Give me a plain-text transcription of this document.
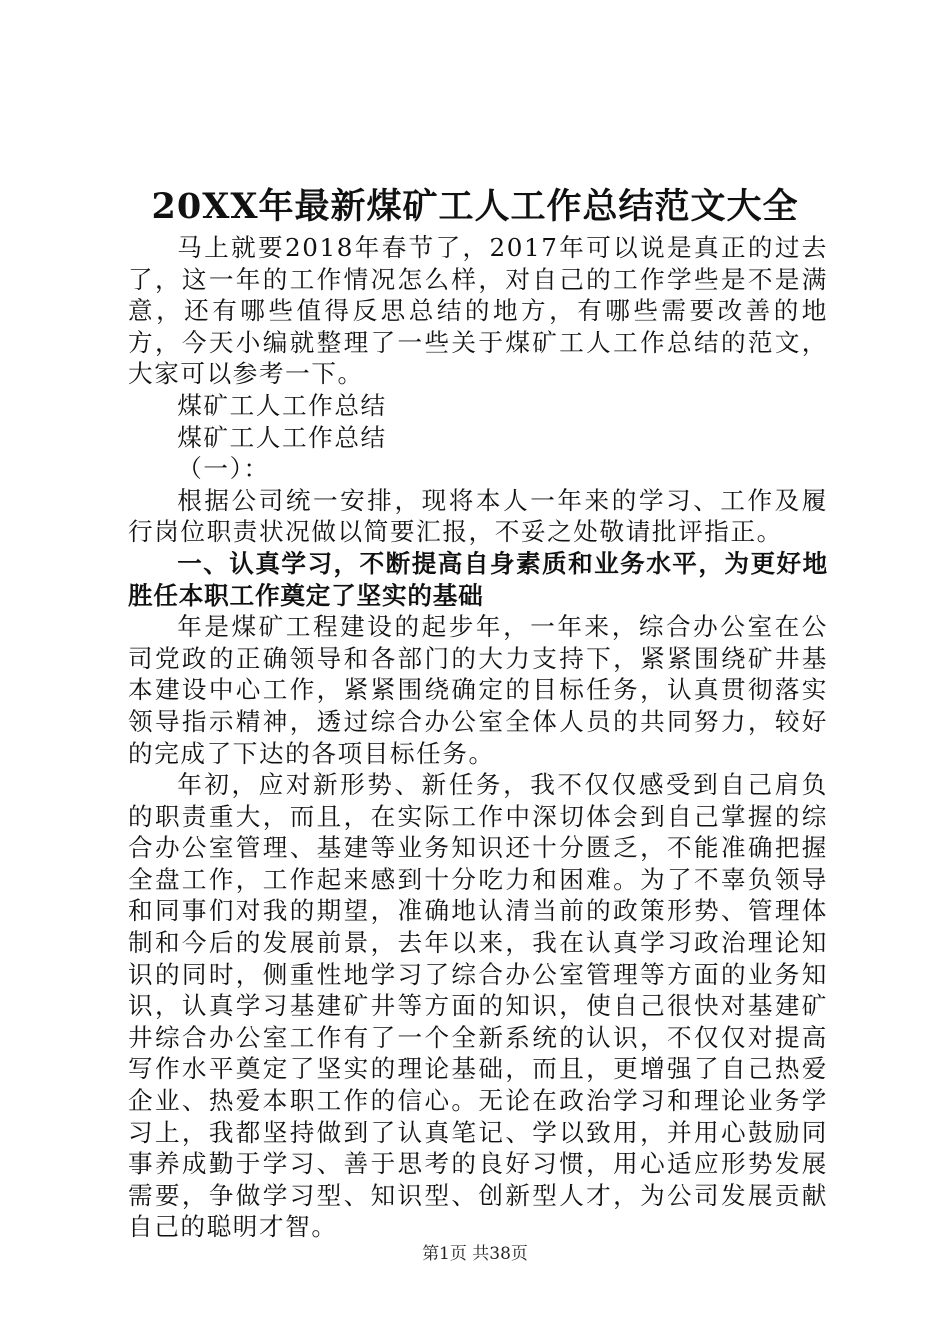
20XX年最新煤矿工人工作总结范文大全

马上就要2018年春节了，2017年可以说是真正的过去了，这一年的工作情况怎么样，对自己的工作学些是不是满意，还有哪些值得反思总结的地方，有哪些需要改善的地方，今天小编就整理了一些关于煤矿工人工作总结的范文，大家可以参考一下。

煤矿工人工作总结

煤矿工人工作总结

（一）：

根据公司统一安排，现将本人一年来的学习、工作及履行岗位职责状况做以简要汇报，不妥之处敬请批评指正。

一、认真学习，不断提高自身素质和业务水平，为更好地胜任本职工作奠定了坚实的基础

年是煤矿工程建设的起步年，一年来，综合办公室在公司党政的正确领导和各部门的大力支持下，紧紧围绕矿井基本建设中心工作，紧紧围绕确定的目标任务，认真贯彻落实领导指示精神，透过综合办公室全体人员的共同努力，较好的完成了下达的各项目标任务。

年初，应对新形势、新任务，我不仅仅感受到自己肩负的职责重大，而且，在实际工作中深切体会到自己掌握的综合办公室管理、基建等业务知识还十分匮乏，不能准确把握全盘工作，工作起来感到十分吃力和困难。为了不辜负领导和同事们对我的期望，准确地认清当前的政策形势、管理体制和今后的发展前景，去年以来，我在认真学习政治理论知识的同时，侧重性地学习了综合办公室管理等方面的业务知识，认真学习基建矿井等方面的知识，使自己很快对基建矿井综合办公室工作有了一个全新系统的认识，不仅仅对提高写作水平奠定了坚实的理论基础，而且，更增强了自己热爱企业、热爱本职工作的信心。无论在政治学习和理论业务学习上，我都坚持做到了认真笔记、学以致用，并用心鼓励同事养成勤于学习、善于思考的良好习惯，用心适应形势发展需要，争做学习型、知识型、创新型人才，为公司发展贡献自己的聪明才智。

第1页 共38页
